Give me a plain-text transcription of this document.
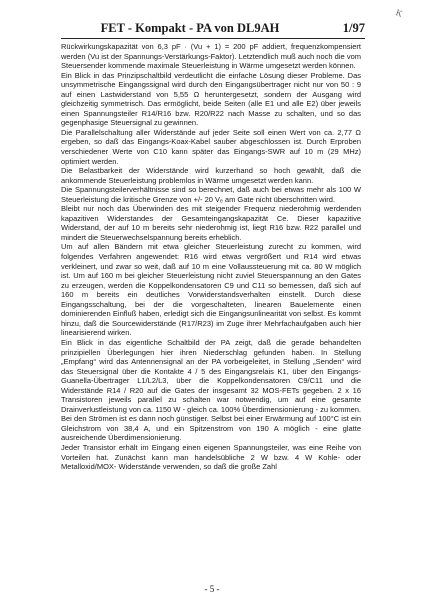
K
FET - Kompakt - PA von DL9AH	1/97

Rückwirkungskapazität von 6,3 pF · (Vu + 1) = 200 pF addiert, frequenzkompensiert werden (Vu ist der Spannungs-Verstärkungs-Faktor). Letztendlich muß auch noch die vom Steuersender kommende maximale Steuerleistung in Wärme umgesetzt werden können.

Ein Blick in das Prinzipschaltbild verdeutlicht die einfache Lösung dieser Probleme. Das unsymmetrische Eingangssignal wird durch den Eingangsübertrager nicht nur von 50 : 9 auf einen Lastwiderstand von 5,55 Ω heruntergesetzt, sondern der Ausgang wird gleichzeitig symmetrisch. Das ermöglicht, beide Seiten (alle E1 und alle E2) über jeweils einen Spannungsteiler R14/R16 bzw. R20/R22 nach Masse zu schalten, und so das gegenphasige Steuersignal zu gewinnen.

Die Parallelschaltung aller Widerstände auf jeder Seite soll einen Wert von ca. 2,77 Ω ergeben, so daß das Eingangs-Koax-Kabel sauber abgeschlossen ist. Durch Erproben verschiedener Werte von C10 kann später das Eingangs-SWR auf 10 m (29 MHz) optimiert werden.

Die Belastbarkeit der Widerstände wird kurzerhand so hoch gewählt, daß die ankommende Steuerleistung problemlos in Wärme umgesetzt werden kann.

Die Spannungsteilerverhältnisse sind so berechnet, daß auch bei etwas mehr als 100 W Steuerleistung die kritische Grenze von +/- 20 Vₑ am Gate nicht überschritten wird.

Bleibt nur noch das Überwinden des mit steigender Frequenz niederohmig werdenden kapazitiven Widerstandes der Gesamteingangskapazität Ce. Dieser kapazitive Widerstand, der auf 10 m bereits sehr niederohmig ist, liegt R16 bzw. R22 parallel und mindert die Steuerwechselspannung bereits erheblich.

Um auf allen Bändern mit etwa gleicher Steuerleistung zurecht zu kommen, wird folgendes Verfahren angewendet: R16 wird etwas vergrößert und R14 wird etwas verkleinert, und zwar so weit, daß auf 10 m eine Vollaussteuerung mit ca. 80 W möglich ist. Um auf 160 m bei gleicher Steuerleistung nicht zuviel Steuerspannung an den Gates zu erzeugen, werden die Koppelkondensatoren C9 und C11 so bemessen, daß sich auf 160 m bereits ein deutliches Vorwiderstandsverhalten einstellt. Durch diese Eingangsschaltung, bei der die vorgeschalteten, linearen Bauelemente einen dominierenden Einfluß haben, erledigt sich die Eingangsunlinearität von selbst. Es kommt hinzu, daß die Sourcewiderstände (R17/R23) im Zuge ihrer Mehrfachaufgaben auch hier linearisierend wirken.

Ein Blick in das eigentliche Schaltbild der PA zeigt, daß die gerade behandelten prinzipiellen Überlegungen hier ihren Niederschlag gefunden haben. In Stellung „Empfang“ wird das Antennensignal an der PA vorbeigeleitet, in Stellung „Senden“ wird das Steuersignal über die Kontakte 4 / 5 des Eingangsrelais K1, über den Eingangs-Guanella-Übertrager L1/L2/L3, über die Koppelkondensatoren C9/C11 und die Widerstände R14 / R20 auf die Gates der insgesamt 32 MOS-FETs gegeben. 2 x 16 Transistoren jeweils parallel zu schalten war notwendig, um auf eine gesamte Drainverlustleistung von ca. 1150 W - gleich ca. 100% Überdimensionierung - zu kommen. Bei den Strömen ist es dann noch günstiger. Selbst bei einer Erwärmung auf 100°C ist ein Gleichstrom von 38,4 A, und ein Spitzenstrom von 190 A möglich - eine glatte ausreichende Überdimensionierung.

Jeder Transistor erhält im Eingang einen eigenen Spannungsteiler, was eine Reihe von Vorteilen hat. Zunächst kann man handelsübliche 2 W bzw. 4 W Kohle- oder Metalloxid/MOX- Widerstände verwenden, so daß die große Zahl

- 5 -
